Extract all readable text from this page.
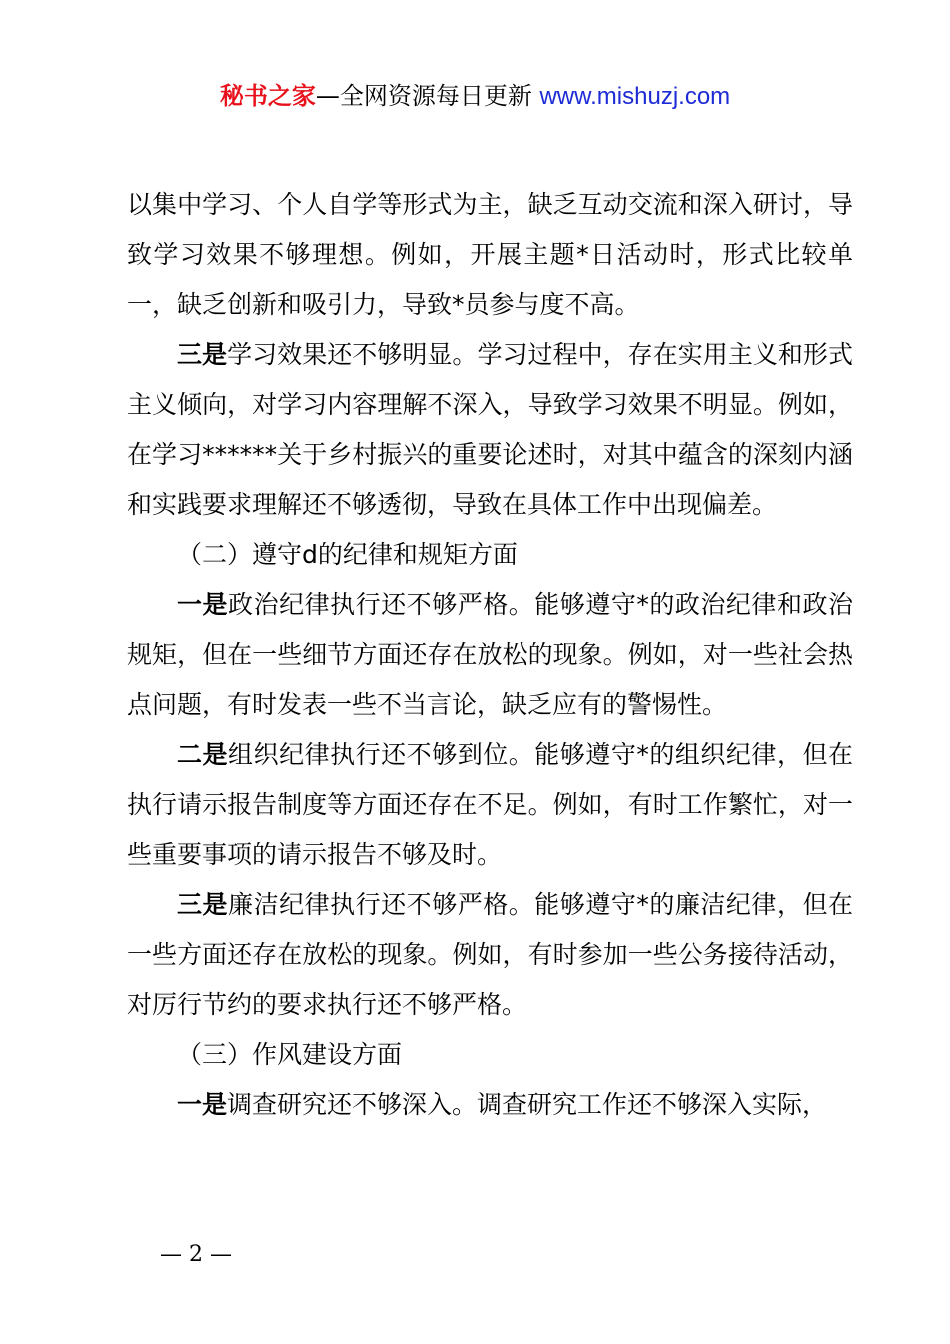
秘书之家—全网资源每日更新 www.mishuzj.com

以集中学习、个人自学等形式为主，缺乏互动交流和深入研讨，导致学习效果不够理想。例如，开展主题*日活动时，形式比较单一，缺乏创新和吸引力，导致*员参与度不高。

三是学习效果还不够明显。学习过程中，存在实用主义和形式主义倾向，对学习内容理解不深入，导致学习效果不明显。例如，在学习******关于乡村振兴的重要论述时，对其中蕴含的深刻内涵和实践要求理解还不够透彻，导致在具体工作中出现偏差。

（二）遵守d的纪律和规矩方面

一是政治纪律执行还不够严格。能够遵守*的政治纪律和政治规矩，但在一些细节方面还存在放松的现象。例如，对一些社会热点问题，有时发表一些不当言论，缺乏应有的警惕性。

二是组织纪律执行还不够到位。能够遵守*的组织纪律，但在执行请示报告制度等方面还存在不足。例如，有时工作繁忙，对一些重要事项的请示报告不够及时。

三是廉洁纪律执行还不够严格。能够遵守*的廉洁纪律，但在一些方面还存在放松的现象。例如，有时参加一些公务接待活动，对厉行节约的要求执行还不够严格。

（三）作风建设方面

一是调查研究还不够深入。调查研究工作还不够深入实际，

— 2 —
